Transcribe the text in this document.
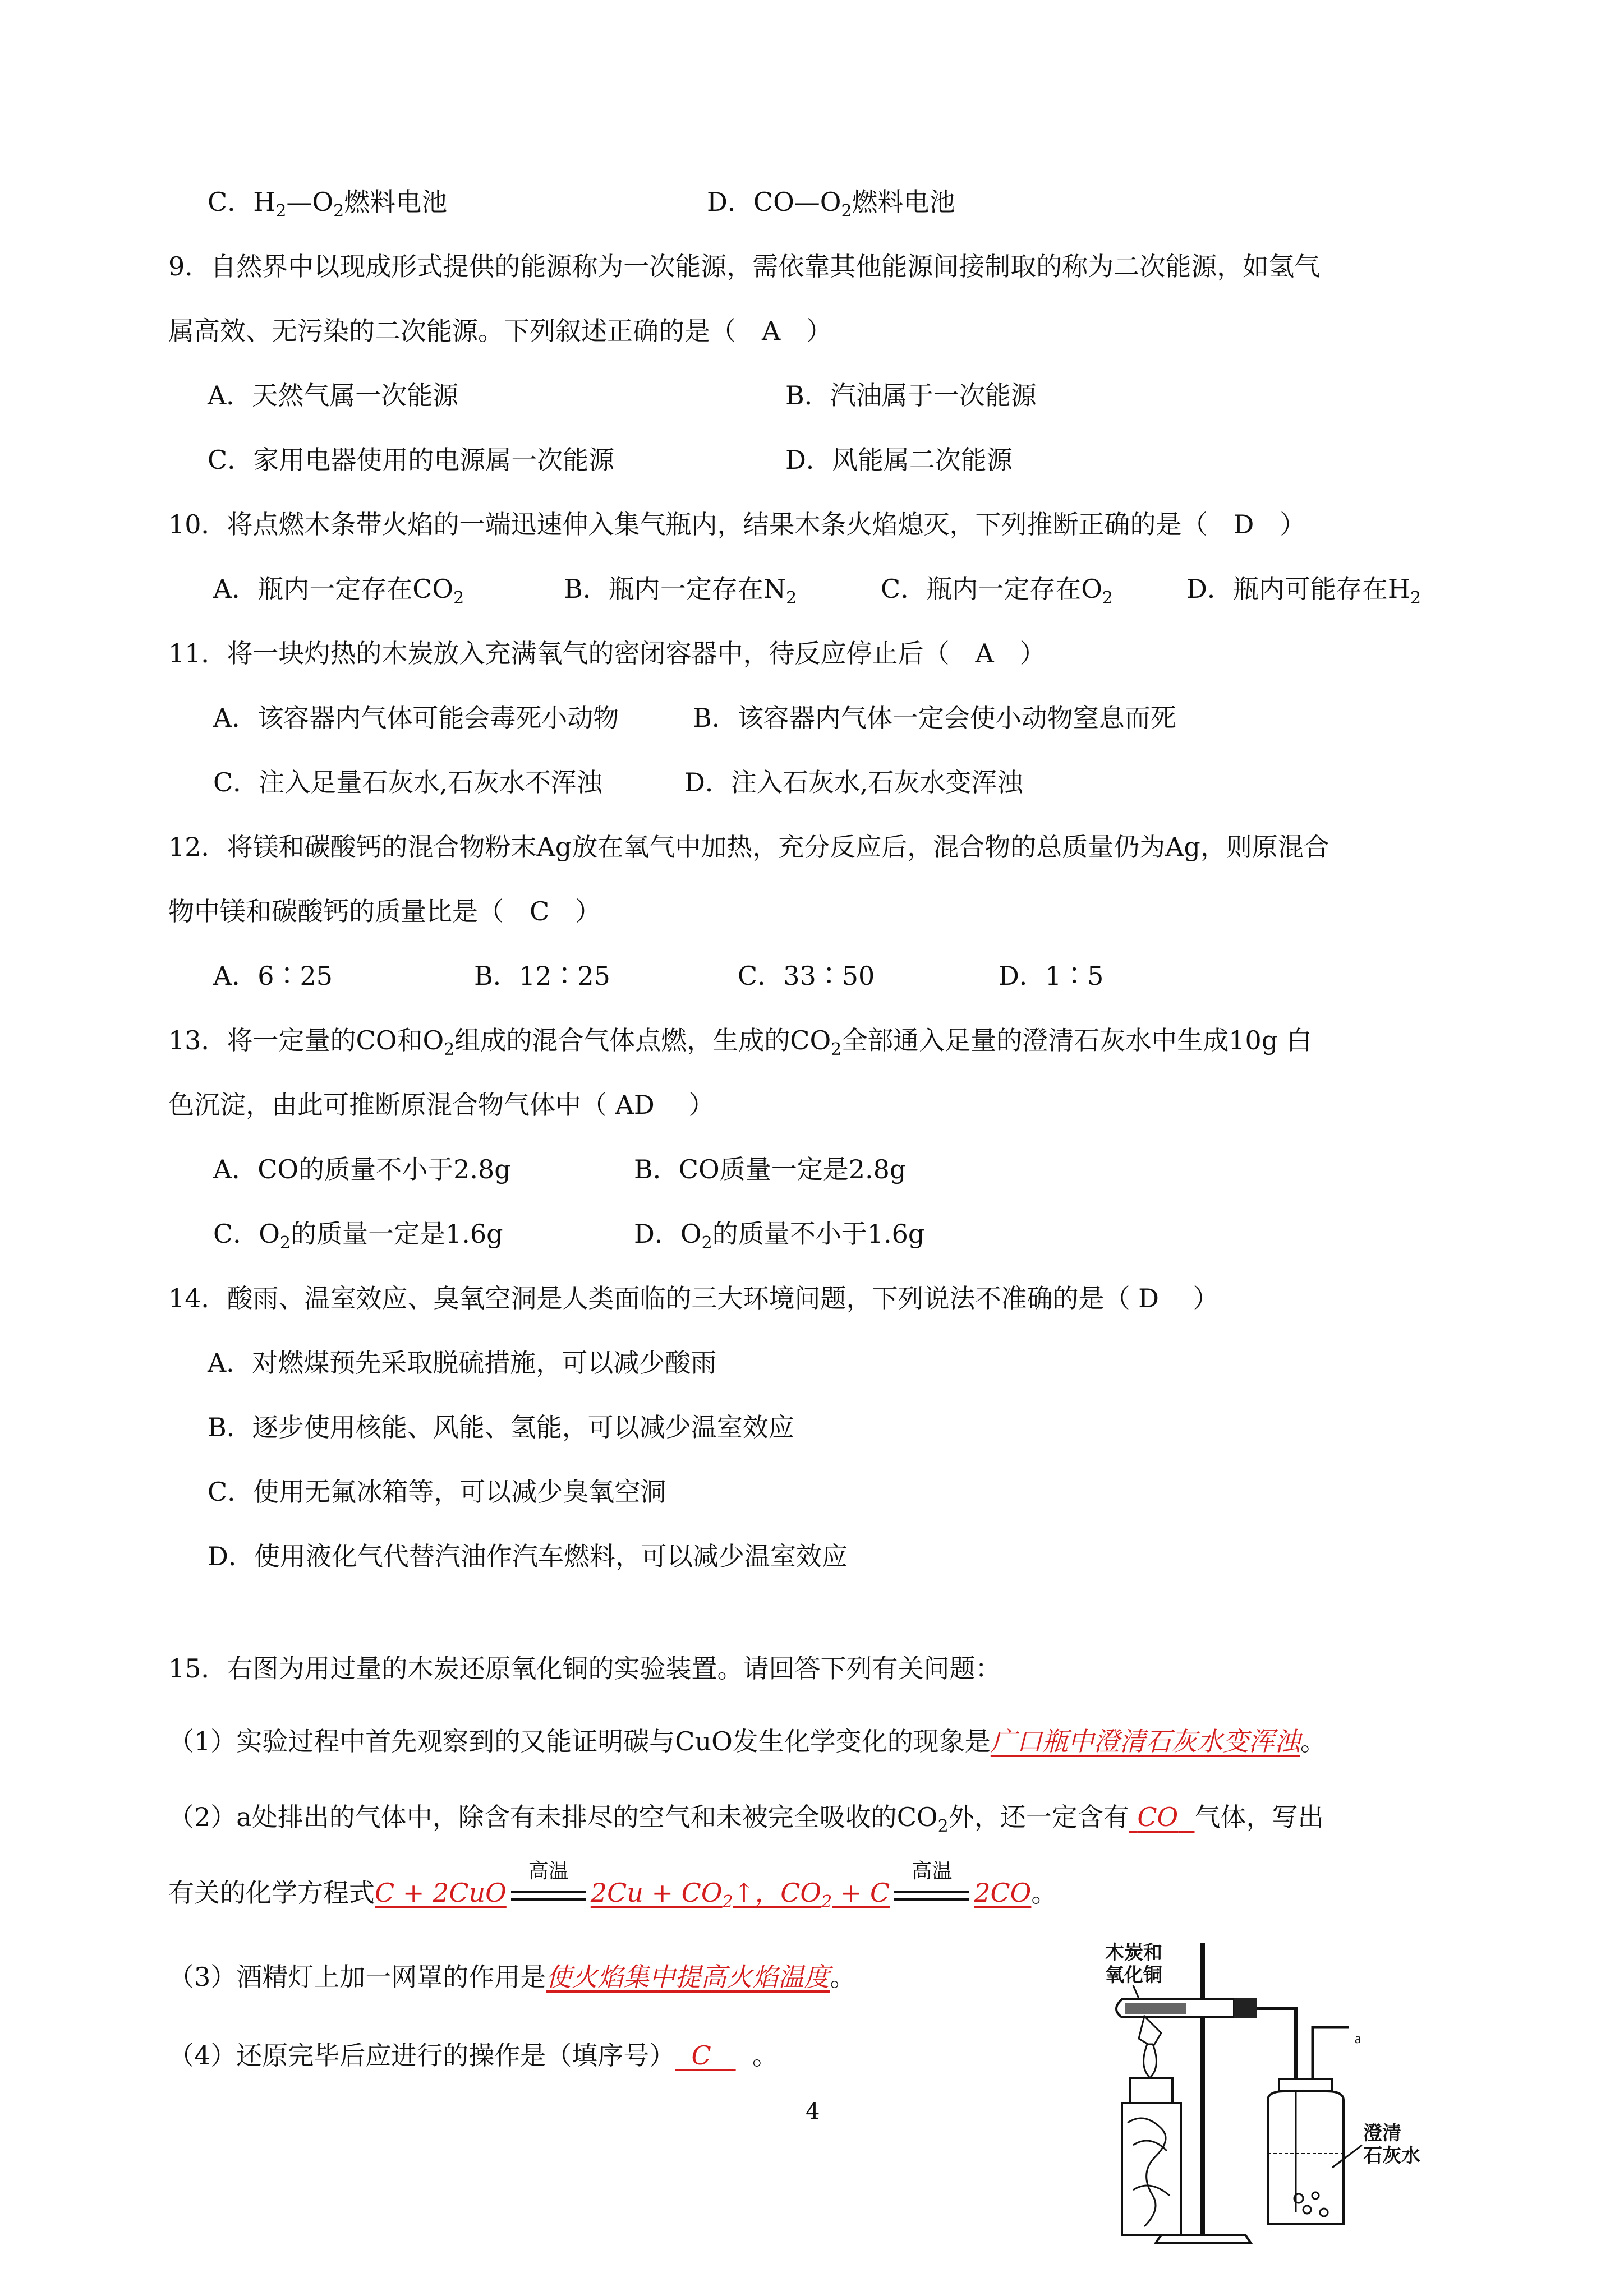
C．$H_2—O_2$燃料电池	D．$CO—O_2$燃料电池
9．自然界中以现成形式提供的能源称为一次能源，需依靠其他能源间接制取的称为二次能源，如氢气
属高效、无污染的二次能源。下列叙述正确的是（　A　）
A．天然气属一次能源	B．汽油属于一次能源
C．家用电器使用的电源属一次能源	D．风能属二次能源
10．将点燃木条带火焰的一端迅速伸入集气瓶内，结果木条火焰熄灭，下列推断正确的是（　D　）
A．瓶内一定存在$CO_2$	B．瓶内一定存在$N_2$	C．瓶内一定存在$O_2$	D．瓶内可能存在$H_2$
11．将一块灼热的木炭放入充满氧气的密闭容器中，待反应停止后（　A　）
A．该容器内气体可能会毒死小动物	B．该容器内气体一定会使小动物窒息而死
C．注入足量石灰水,石灰水不浑浊	D．注入石灰水,石灰水变浑浊
12．将镁和碳酸钙的混合物粉末Ag放在氧气中加热，充分反应后，混合物的总质量仍为Ag，则原混合
物中镁和碳酸钙的质量比是（　C　）
A．6∶25	B．12∶25	C．33∶50	D．1∶5
13．将一定量的CO和$O_2$组成的混合气体点燃，生成的$CO_2$全部通入足量的澄清石灰水中生成10g 白
色沉淀，由此可推断原混合物气体中（ AD　 ）
A．CO的质量不小于2.8g	B．CO质量一定是2.8g
C．$O_2$的质量一定是1.6g	D．$O_2$的质量不小于1.6g
14．酸雨、温室效应、臭氧空洞是人类面临的三大环境问题，下列说法不准确的是（ D　 ）
A．对燃煤预先采取脱硫措施，可以减少酸雨
B．逐步使用核能、风能、氢能，可以减少温室效应
C．使用无氟冰箱等，可以减少臭氧空洞
D．使用液化气代替汽油作汽车燃料，可以减少温室效应
15．右图为用过量的木炭还原氧化铜的实验装置。请回答下列有关问题：
（1）实验过程中首先观察到的又能证明碳与CuO发生化学变化的现象是广口瓶中澄清石灰水变浑浊。
（2）a处排出的气体中，除含有未排尽的空气和未被完全吸收的$CO_2$外，还一定含有 CO 气体，写出
有关的化学方程式C + 2CuO
高温
$2Cu + CO_2↑$，$CO_2 + C$
高温
2CO。
（3）酒精灯上加一网罩的作用是使火焰集中提高火焰温度。
（4）还原完毕后应进行的操作是（填序号） C 。
木炭和
氧化铜
a
澄清
石灰水
4
